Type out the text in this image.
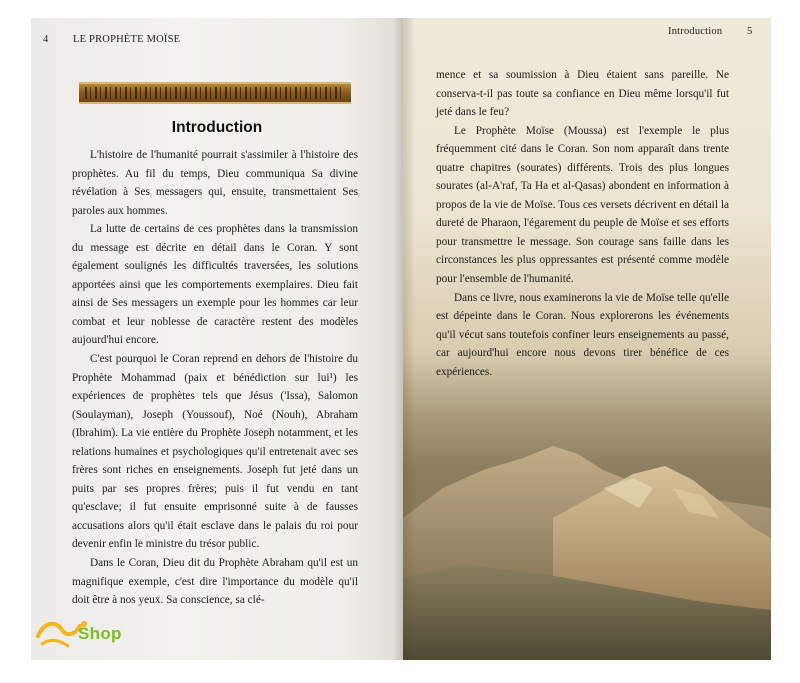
4 LE PROPHÈTE MOÏSE
Introduction

L'histoire de l'humanité pourrait s'assimiler à l'histoire des prophètes. Au fil du temps, Dieu communiqua Sa divine révélation à Ses messagers qui, ensuite, transmettaient Ses paroles aux hommes.

La lutte de certains de ces prophètes dans la transmission du message est décrite en détail dans le Coran. Y sont également soulignés les difficultés traversées, les solutions apportées ainsi que les comportements exemplaires. Dieu fait ainsi de Ses messagers un exemple pour les hommes car leur combat et leur noblesse de caractère restent des modèles aujourd'hui encore.

C'est pourquoi le Coran reprend en dehors de l'histoire du Prophète Mohammad (paix et bénédiction sur lui¹) les expériences de prophètes tels que Jésus ('Issa), Salomon (Soulayman), Joseph (Youssouf), Noé (Nouh), Abraham (Ibrahim). La vie entière du Prophète Joseph notamment, et les relations humaines et psychologiques qu'il entretenait avec ses frères sont riches en enseignements. Joseph fut jeté dans un puits par ses propres frères; puis il fut vendu en tant qu'esclave; il fut ensuite emprisonné suite à de fausses accusations alors qu'il était esclave dans le palais du roi pour devenir enfin le ministre du trésor public.

Dans le Coran, Dieu dit du Prophète Abraham qu'il est un magnifique exemple, c'est dire l'importance du modèle qu'il doit être à nos yeux. Sa conscience, sa clé-

Shop
Introduction 5

mence et sa soumission à Dieu étaient sans pareille. Ne conserva-t-il pas toute sa confiance en Dieu même lorsqu'il fut jeté dans le feu?

Le Prophète Moïse (Moussa) est l'exemple le plus fréquemment cité dans le Coran. Son nom apparaît dans trente quatre chapitres (sourates) différents. Trois des plus longues sourates (al-A'raf, Ta Ha et al-Qasas) abondent en information à propos de la vie de Moïse. Tous ces versets décrivent en détail la dureté de Pharaon, l'égarement du peuple de Moïse et ses efforts pour transmettre le message. Son courage sans faille dans les circonstances les plus oppressantes est présenté comme modèle pour l'ensemble de l'humanité.

Dans ce livre, nous examinerons la vie de Moïse telle qu'elle est dépeinte dans le Coran. Nous explorerons les événements qu'il vécut sans toutefois confiner leurs enseignements au passé, car aujourd'hui encore nous devons tirer bénéfice de ces expériences.
